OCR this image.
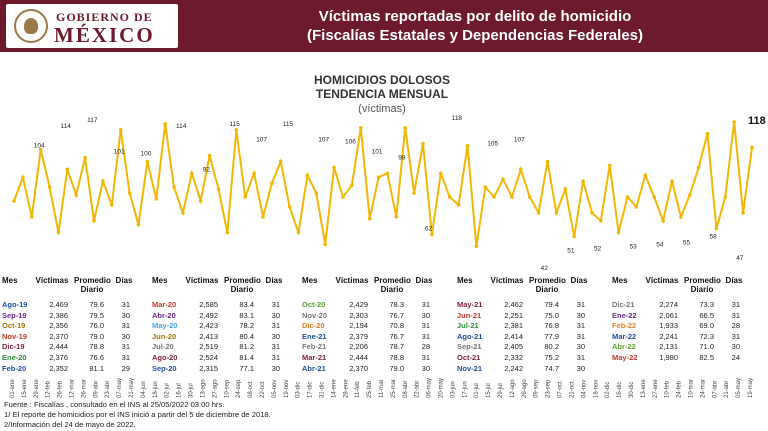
GOBIERNO DE
MÉXICO
Víctimas reportadas por delito de homicidio
(Fiscalías Estatales y Dependencias Federales)
HOMICIDIOS DOLOSOS
TENDENCIA MENSUAL
(víctimas)
104
114
117
101 100
114
92
115
107
115
107 106
101
98
62
118
105
107
42
51	52	53	54	55
58
47
118
01-ene 15-ene 29-ene 12-feb 26-feb 12-mar 26-mar 09-abr 23-abr 07-may 21-may 04-jun 18-jun 02-jul 16-jul 30-jul 13-ago 27-ago 10-sep 24-sep 08-oct 22-oct 05-nov 19-nov 03-dic 17-dic 31-dic 14-ene 28-ene 11-feb 25-feb 11-mar 25-mar 08-abr 22-abr 06-may 20-may 03-jun 17-jun 01-jul 15-jul 29-jul 12-ago 26-ago 09-sep 23-sep 07-oct 21-oct 04-nov 18-nov 02-dic 16-dic 30-dic 13-ene 27-ene 10-feb 24-feb 10-mar 24-mar 07-abr 21-abr 05-may 19-may
Mes	Víctimas Promedio Diario
Días
Ago-19	2,469	79.6	31
Sep-19	2,386	79.5	30
Oct-19	2,356	76.0	31
Nov-19	2,370	79.0	30
Dic-19	2,444	78.8	31
Ene-20	2,376	76.6	31
Feb-20	2,352	81.1	29
Mes	Víctimas Promedio Diario
Días
Mar-20	2,585	83.4	31
Abr-20	2,492	83.1	30
May-20	2,423	78.2	31
Jun-20	2,413	80.4	30
Jul-20	2,519	81.2	31
Ago-20	2,524	81.4	31
Sep-20	2,315	77.1	30
Mes	Víctimas Promedio Diario
Días
Oct-20	2,429	78.3	31
Nov-20	2,303	76.7	30
Dic-20	2,194	70.8	31
Ene-21	2,379	76.7	31
Feb-21	2,206	78.7	28
Mar-21	2,444	78.8	31
Abr-21	2,370	79.0	30
Mes	Víctimas Promedio Diario
Días
May-21	2,462	79.4	31
Jun-21	2,251	75.0	30
Jul-21	2,381	76.8	31
Ago-21	2,414	77.9	31
Sep-21	2,405	80.2	30
Oct-21	2,332	75.2	31
Nov-21	2,242	74.7	30
Mes	Víctimas Promedio Diario
Días
Dic-21	2,274	73.3	31
Ene-22	2,061	66.5	31
Feb-22	1,933	69.0	28
Mar-22	2,241	72.3	31
Abr-22	2,131	71.0	30
May-22	1,980	82.5	24
Fuente : Fiscalías , consultado en el INS al 25/05/2022 03:00 hrs.
1/ El reporte de homicidios por el INS inició a partir del 5 de diciembre de 2018.
2/Información del 24 de mayo de 2022.
